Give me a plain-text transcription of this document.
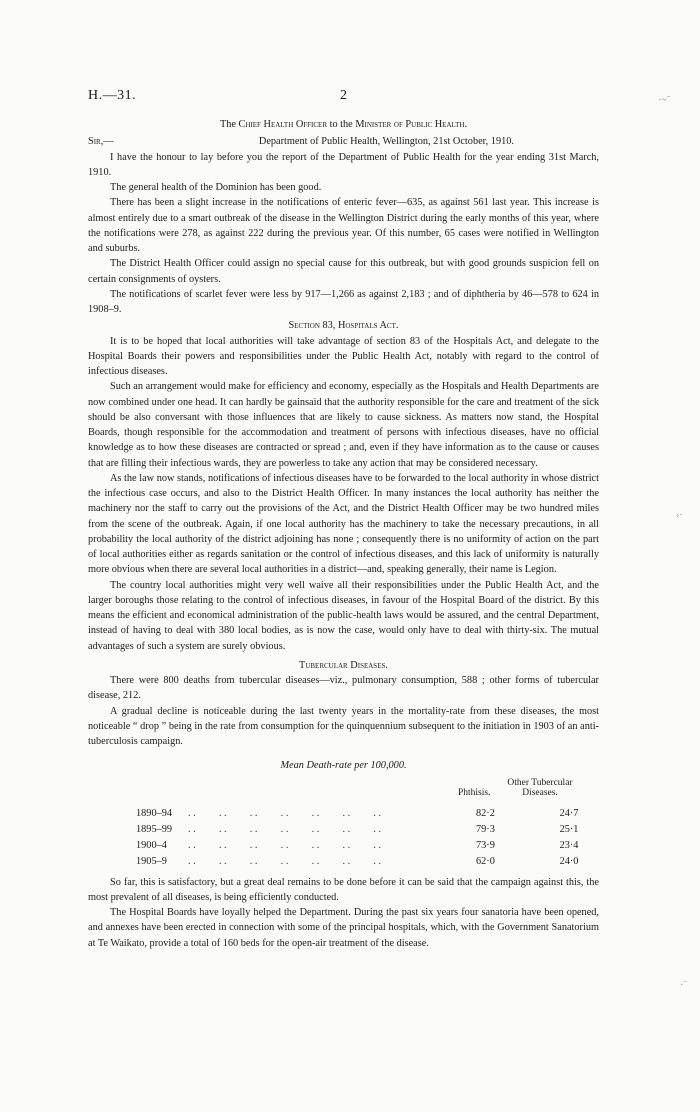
H.—31.	2	·~˜
›·
·˜

The Chief Health Officer to the Minister of Public Health.

Sir,—	Department of Public Health, Wellington, 21st October, 1910.

I have the honour to lay before you the report of the Department of Public Health for the year ending 31st March, 1910.

The general health of the Dominion has been good.

There has been a slight increase in the notifications of enteric fever—635, as against 561 last year. This increase is almost entirely due to a smart outbreak of the disease in the Wellington District during the early months of this year, where the notifications were 278, as against 222 during the previous year. Of this number, 65 cases were notified in Wellington and suburbs.

The District Health Officer could assign no special cause for this outbreak, but with good grounds suspicion fell on certain consignments of oysters.

The notifications of scarlet fever were less by 917—1,266 as against 2,183 ; and of diphtheria by 46—578 to 624 in 1908–9.

Section 83, Hospitals Act.

It is to be hoped that local authorities will take advantage of section 83 of the Hospitals Act, and delegate to the Hospital Boards their powers and responsibilities under the Public Health Act, notably with regard to the control of infectious diseases.

Such an arrangement would make for efficiency and economy, especially as the Hospitals and Health Departments are now combined under one head. It can hardly be gainsaid that the authority responsible for the care and treatment of the sick should be also conversant with those influences that are likely to cause sickness. As matters now stand, the Hospital Boards, though responsible for the accommodation and treatment of persons with infectious diseases, have no official knowledge as to how these diseases are contracted or spread ; and, even if they have information as to the cause or causes that are filling their infectious wards, they are powerless to take any action that may be considered necessary.

As the law now stands, notifications of infectious diseases have to be forwarded to the local authority in whose district the infectious case occurs, and also to the District Health Officer. In many instances the local authority has neither the machinery nor the staff to carry out the provisions of the Act, and the District Health Officer may be two hundred miles from the scene of the outbreak. Again, if one local authority has the machinery to take the necessary precautions, in all probability the local authority of the district adjoining has none ; consequently there is no uniformity of action on the part of local authorities either as regards sanitation or the control of infectious diseases, and this lack of uniformity is naturally more obvious when there are several local authorities in a district—and, speaking generally, their name is Legion.

The country local authorities might very well waive all their responsibilities under the Public Health Act, and the larger boroughs those relating to the control of infectious diseases, in favour of the Hospital Board of the district. By this means the efficient and economical administration of the public-health laws would be assured, and the central Department, instead of having to deal with 380 local bodies, as is now the case, would only have to deal with thirty-six. The mutual advantages of such a system are surely obvious.

Tubercular Diseases.

There were 800 deaths from tubercular diseases—viz., pulmonary consumption, 588 ; other forms of tubercular disease, 212.

A gradual decline is noticeable during the last twenty years in the mortality-rate from these diseases, the most noticeable “ drop ” being in the rate from consumption for the quinquennium subsequent to the initiation in 1903 of an anti-tuberculosis campaign.

Mean Death-rate per 100,000.

Phthisis.
Other Tubercular Diseases.
1890–94 . .         . .         . .         . .         . .         . .         . .	82·2	24·7
1895–99 . .         . .         . .         . .         . .         . .         . .	79·3	25·1
1900–4 . .         . .         . .         . .         . .         . .         . .	73·9	23·4
1905–9 . .         . .         . .         . .         . .         . .         . .	62·0	24·0

So far, this is satisfactory, but a great deal remains to be done before it can be said that the campaign against this, the most prevalent of all diseases, is being efficiently conducted.

The Hospital Boards have loyally helped the Department. During the past six years four sanatoria have been opened, and annexes have been erected in connection with some of the principal hospitals, which, with the Government Sanatorium at Te Waikato, provide a total of 160 beds for the open-air treatment of the disease.
